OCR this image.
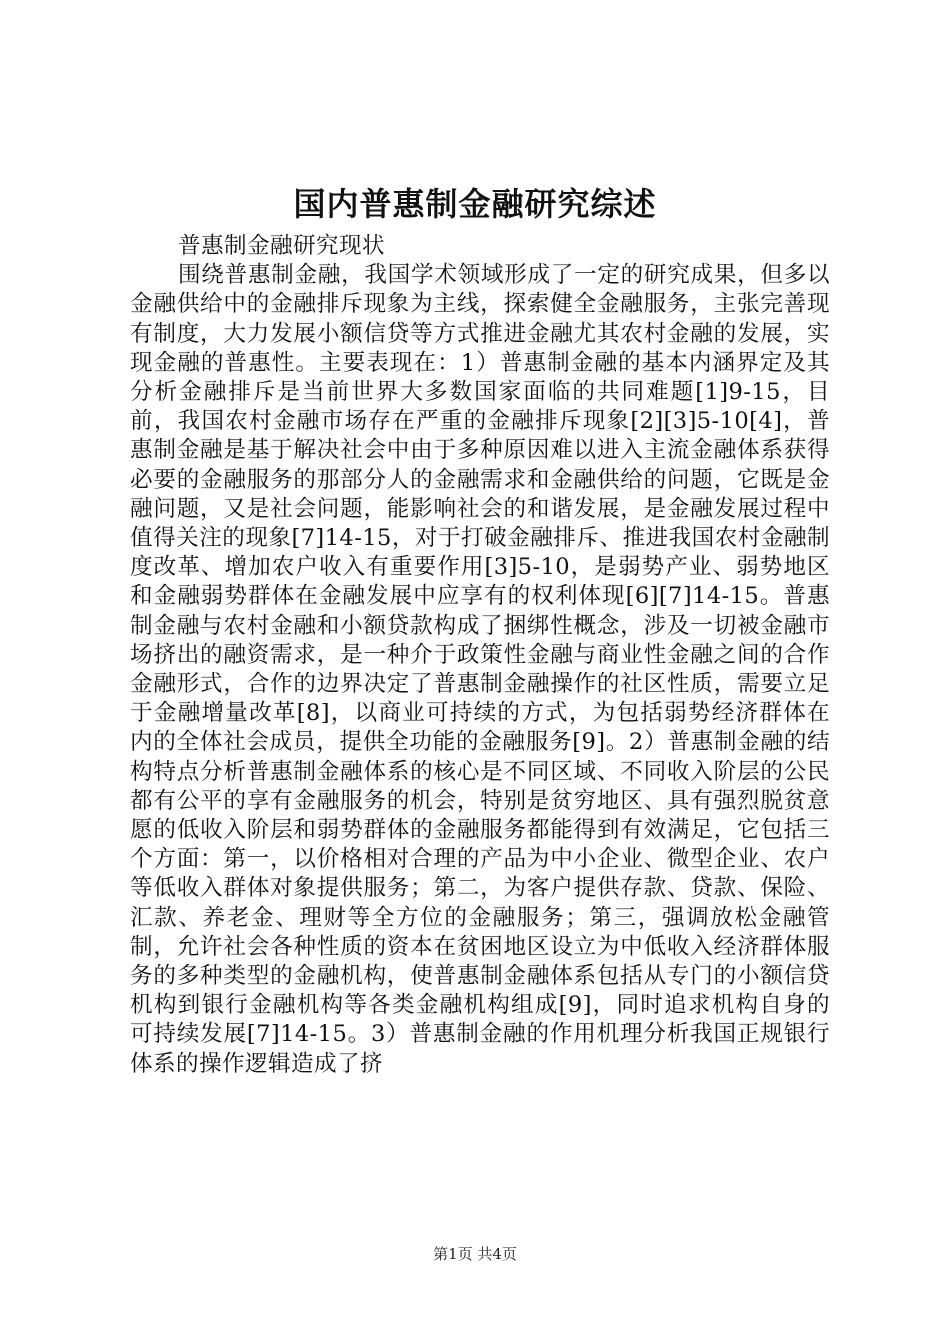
国内普惠制金融研究综述
普惠制金融研究现状

围绕普惠制金融，我国学术领域形成了一定的研究成果，但多以金融供给中的金融排斥现象为主线，探索健全金融服务，主张完善现有制度，大力发展小额信贷等方式推进金融尤其农村金融的发展，实现金融的普惠性。主要表现在：1）普惠制金融的基本内涵界定及其分析金融排斥是当前世界大多数国家面临的共同难题[1]9-15，目前，我国农村金融市场存在严重的金融排斥现象[2][3]5-10[4]，普惠制金融是基于解决社会中由于多种原因难以进入主流金融体系获得必要的金融服务的那部分人的金融需求和金融供给的问题，它既是金融问题，又是社会问题，能影响社会的和谐发展，是金融发展过程中值得关注的现象[7]14-15，对于打破金融排斥、推进我国农村金融制度改革、增加农户收入有重要作用[3]5-10，是弱势产业、弱势地区和金融弱势群体在金融发展中应享有的权利体现[6][7]14-15。普惠制金融与农村金融和小额贷款构成了捆绑性概念，涉及一切被金融市场挤出的融资需求，是一种介于政策性金融与商业性金融之间的合作金融形式，合作的边界决定了普惠制金融操作的社区性质，需要立足于金融增量改革[8]，以商业可持续的方式，为包括弱势经济群体在内的全体社会成员，提供全功能的金融服务[9]。2）普惠制金融的结构特点分析普惠制金融体系的核心是不同区域、不同收入阶层的公民都有公平的享有金融服务的机会，特别是贫穷地区、具有强烈脱贫意愿的低收入阶层和弱势群体的金融服务都能得到有效满足，它包括三个方面：第一，以价格相对合理的产品为中小企业、微型企业、农户等低收入群体对象提供服务；第二，为客户提供存款、贷款、保险、汇款、养老金、理财等全方位的金融服务；第三，强调放松金融管制，允许社会各种性质的资本在贫困地区设立为中低收入经济群体服务的多种类型的金融机构，使普惠制金融体系包括从专门的小额信贷机构到银行金融机构等各类金融机构组成[9]，同时追求机构自身的可持续发展[7]14-15。3）普惠制金融的作用机理分析我国正规银行体系的操作逻辑造成了挤

第1页 共4页
